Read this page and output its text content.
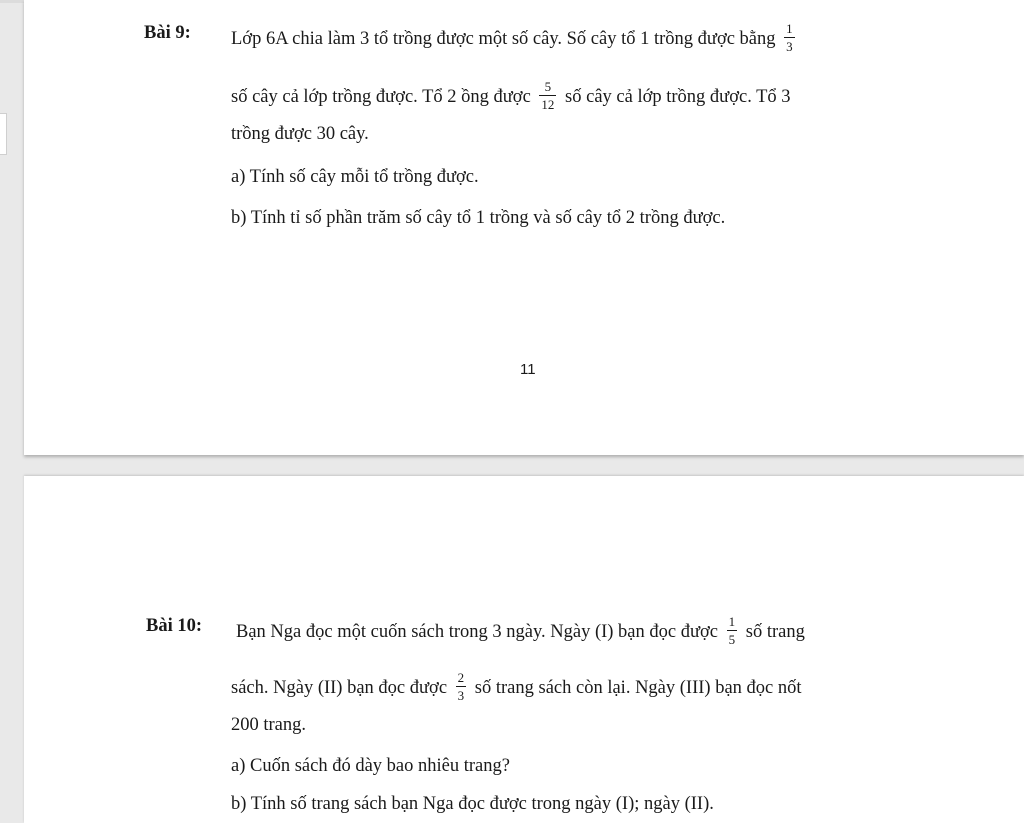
Bài 9: Lớp 6A chia làm 3 tổ trồng được một số cây. Số cây tổ 1 trồng được bằng $\frac{1}{3}$
số cây cả lớp trồng được. Tổ 2 ồng được $\frac{5}{12}$ số cây cả lớp trồng được. Tổ 3
trồng được 30 cây.
a) Tính số cây mỗi tổ trồng được.
b) Tính tỉ số phần trăm số cây tổ 1 trồng và số cây tổ 2 trồng được.
11
Bài 10: Bạn Nga đọc một cuốn sách trong 3 ngày. Ngày (I) bạn đọc được $\frac{1}{5}$ số trang
sách. Ngày (II) bạn đọc được $\frac{2}{3}$ số trang sách còn lại. Ngày (III) bạn đọc nốt
200 trang.
a) Cuốn sách đó dày bao nhiêu trang?
b) Tính số trang sách bạn Nga đọc được trong ngày (I); ngày (II).
